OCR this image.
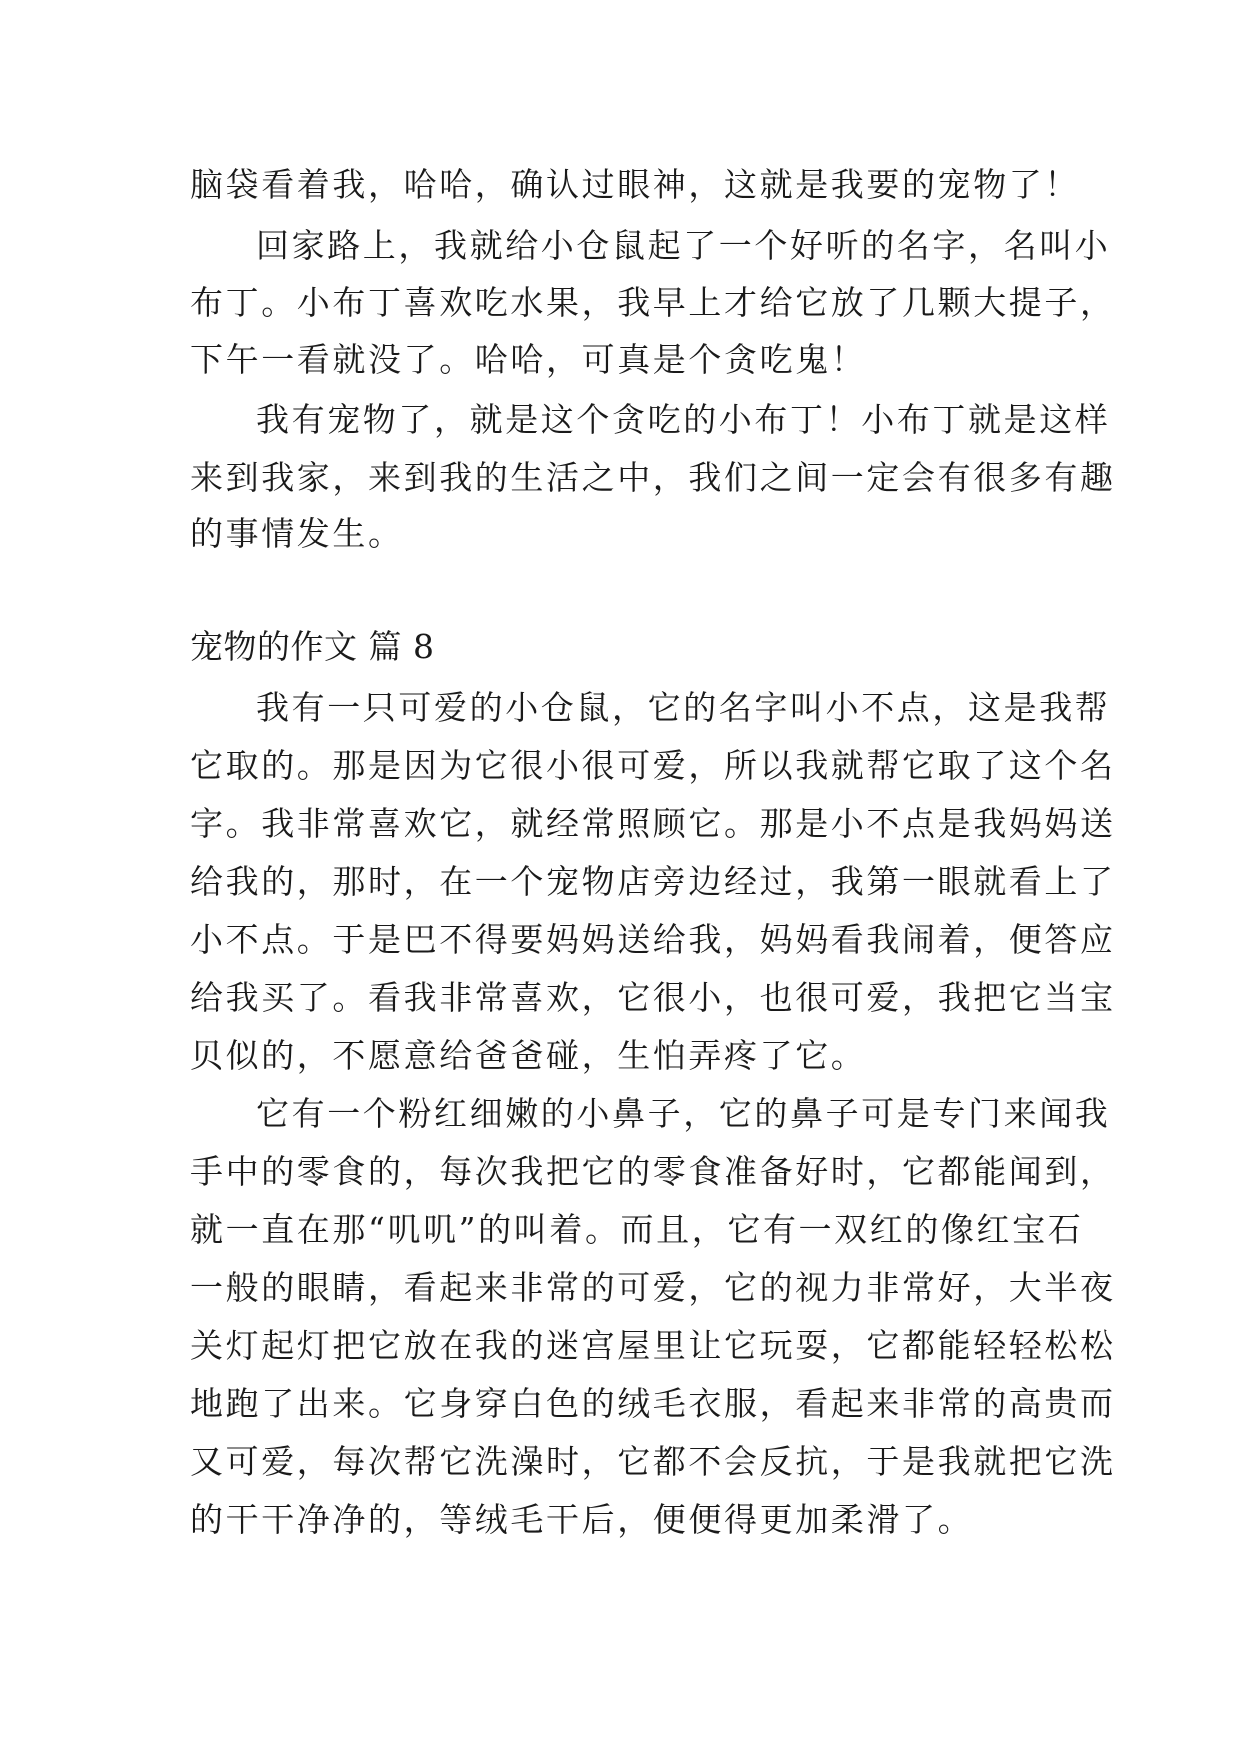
脑袋看着我，哈哈，确认过眼神，这就是我要的宠物了！
回家路上，我就给小仓鼠起了一个好听的名字，名叫小
布丁。小布丁喜欢吃水果，我早上才给它放了几颗大提子，
下午一看就没了。哈哈，可真是个贪吃鬼！
我有宠物了，就是这个贪吃的小布丁！小布丁就是这样
来到我家，来到我的生活之中，我们之间一定会有很多有趣
的事情发生。
宠物的作文 篇 8
我有一只可爱的小仓鼠，它的名字叫小不点，这是我帮
它取的。那是因为它很小很可爱，所以我就帮它取了这个名
字。我非常喜欢它，就经常照顾它。那是小不点是我妈妈送
给我的，那时，在一个宠物店旁边经过，我第一眼就看上了
小不点。于是巴不得要妈妈送给我，妈妈看我闹着，便答应
给我买了。看我非常喜欢，它很小，也很可爱，我把它当宝
贝似的，不愿意给爸爸碰，生怕弄疼了它。
它有一个粉红细嫩的小鼻子，它的鼻子可是专门来闻我
手中的零食的，每次我把它的零食准备好时，它都能闻到，
就一直在那“叽叽”的叫着。而且，它有一双红的像红宝石
一般的眼睛，看起来非常的可爱，它的视力非常好，大半夜
关灯起灯把它放在我的迷宫屋里让它玩耍，它都能轻轻松松
地跑了出来。它身穿白色的绒毛衣服，看起来非常的高贵而
又可爱，每次帮它洗澡时，它都不会反抗，于是我就把它洗
的干干净净的，等绒毛干后，便便得更加柔滑了。
